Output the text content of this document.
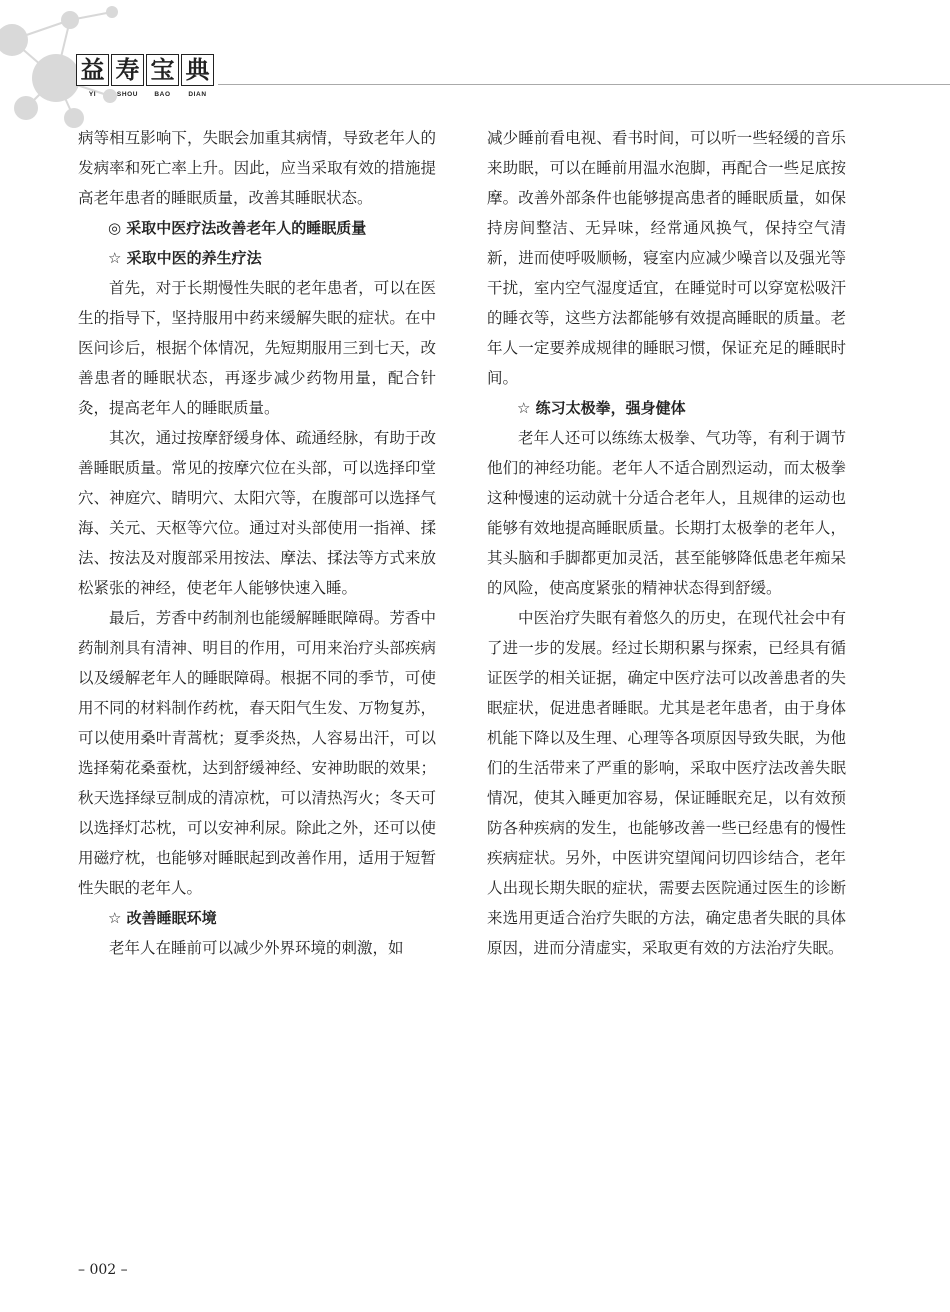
益 寿 宝 典
YI	SHOU	BAO	DIAN

病等相互影响下，失眠会加重其病情，导致老年人的发病率和死亡率上升。因此，应当采取有效的措施提高老年患者的睡眠质量，改善其睡眠状态。

◎ 采取中医疗法改善老年人的睡眠质量

☆ 采取中医的养生疗法

首先，对于长期慢性失眠的老年患者，可以在医生的指导下，坚持服用中药来缓解失眠的症状。在中医问诊后，根据个体情况，先短期服用三到七天，改善患者的睡眠状态，再逐步减少药物用量，配合针灸，提高老年人的睡眠质量。

其次，通过按摩舒缓身体、疏通经脉，有助于改善睡眠质量。常见的按摩穴位在头部，可以选择印堂穴、神庭穴、睛明穴、太阳穴等，在腹部可以选择气海、关元、天枢等穴位。通过对头部使用一指禅、揉法、按法及对腹部采用按法、摩法、揉法等方式来放松紧张的神经，使老年人能够快速入睡。

最后，芳香中药制剂也能缓解睡眠障碍。芳香中药制剂具有清神、明目的作用，可用来治疗头部疾病以及缓解老年人的睡眠障碍。根据不同的季节，可使用不同的材料制作药枕，春天阳气生发、万物复苏，可以使用桑叶青蒿枕；夏季炎热，人容易出汗，可以选择菊花桑蚕枕，达到舒缓神经、安神助眠的效果；秋天选择绿豆制成的清凉枕，可以清热泻火；冬天可以选择灯芯枕，可以安神利尿。除此之外，还可以使用磁疗枕，也能够对睡眠起到改善作用，适用于短暂性失眠的老年人。

☆ 改善睡眠环境

老年人在睡前可以减少外界环境的刺激，如

减少睡前看电视、看书时间，可以听一些轻缓的音乐来助眠，可以在睡前用温水泡脚，再配合一些足底按摩。改善外部条件也能够提高患者的睡眠质量，如保持房间整洁、无异味，经常通风换气，保持空气清新，进而使呼吸顺畅，寝室内应减少噪音以及强光等干扰，室内空气湿度适宜，在睡觉时可以穿宽松吸汗的睡衣等，这些方法都能够有效提高睡眠的质量。老年人一定要养成规律的睡眠习惯，保证充足的睡眠时间。

☆ 练习太极拳，强身健体

老年人还可以练练太极拳、气功等，有利于调节他们的神经功能。老年人不适合剧烈运动，而太极拳这种慢速的运动就十分适合老年人，且规律的运动也能够有效地提高睡眠质量。长期打太极拳的老年人，其头脑和手脚都更加灵活，甚至能够降低患老年痴呆的风险，使高度紧张的精神状态得到舒缓。

中医治疗失眠有着悠久的历史，在现代社会中有了进一步的发展。经过长期积累与探索，已经具有循证医学的相关证据，确定中医疗法可以改善患者的失眠症状，促进患者睡眠。尤其是老年患者，由于身体机能下降以及生理、心理等各项原因导致失眠，为他们的生活带来了严重的影响，采取中医疗法改善失眠情况，使其入睡更加容易，保证睡眠充足，以有效预防各种疾病的发生，也能够改善一些已经患有的慢性疾病症状。另外，中医讲究望闻问切四诊结合，老年人出现长期失眠的症状，需要去医院通过医生的诊断来选用更适合治疗失眠的方法，确定患者失眠的具体原因，进而分清虚实，采取更有效的方法治疗失眠。

– 002 –
